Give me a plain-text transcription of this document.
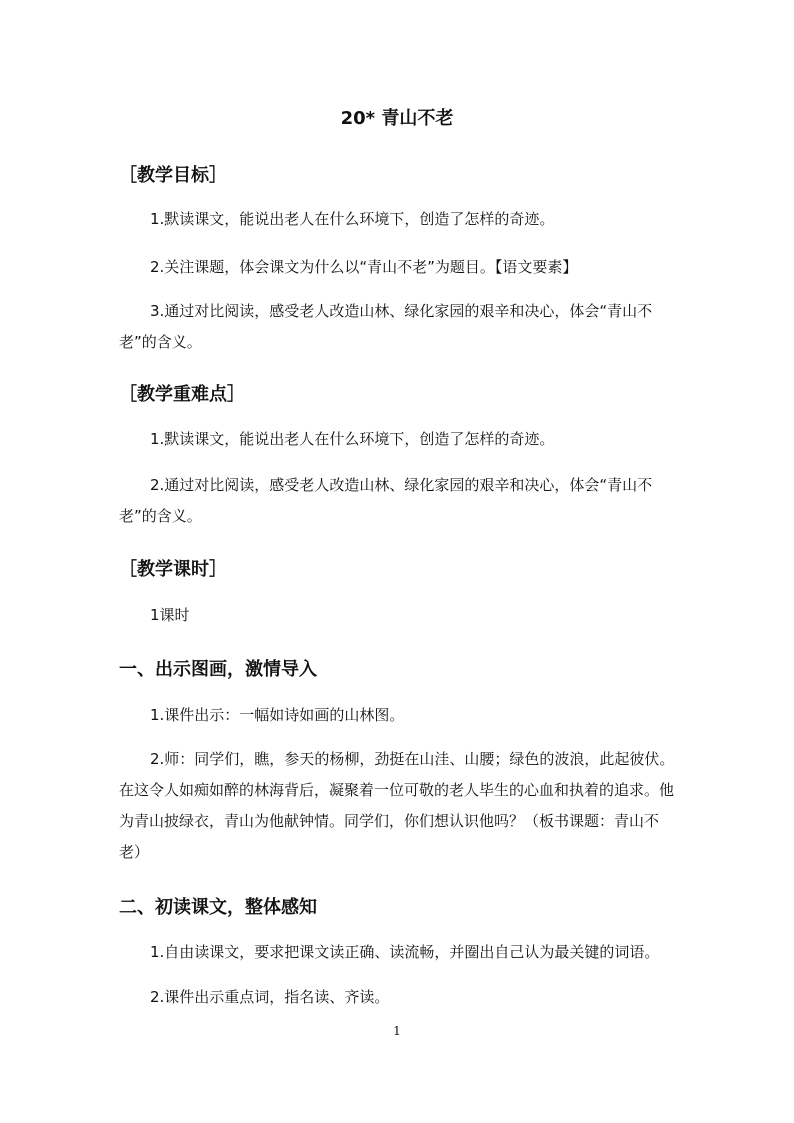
20* 青山不老
［教学目标］
1.默读课文，能说出老人在什么环境下，创造了怎样的奇迹。
2.关注课题，体会课文为什么以“青山不老”为题目。【语文要素】
3.通过对比阅读，感受老人改造山林、绿化家园的艰辛和决心，体会“青山不老”的含义。
［教学重难点］
1.默读课文，能说出老人在什么环境下，创造了怎样的奇迹。
2.通过对比阅读，感受老人改造山林、绿化家园的艰辛和决心，体会“青山不老”的含义。
［教学课时］
1课时
一、出示图画，激情导入
1.课件出示：一幅如诗如画的山林图。
2.师：同学们，瞧，参天的杨柳，劲挺在山洼、山腰；绿色的波浪，此起彼伏。在这令人如痴如醉的林海背后，凝聚着一位可敬的老人毕生的心血和执着的追求。他为青山披绿衣，青山为他献钟情。同学们，你们想认识他吗？（板书课题：青山不老）
二、初读课文，整体感知
1.自由读课文，要求把课文读正确、读流畅，并圈出自己认为最关键的词语。
2.课件出示重点词，指名读、齐读。
1
